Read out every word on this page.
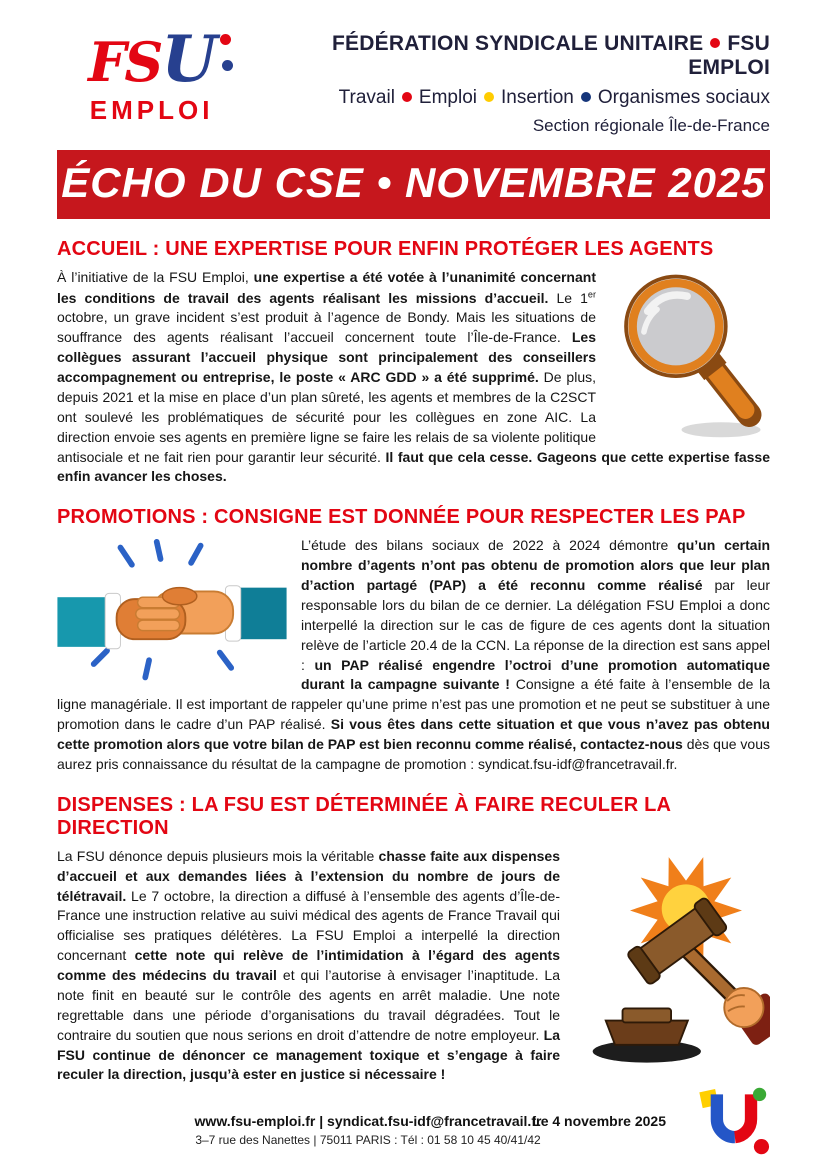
FSU
EMPLOI
FÉDÉRATION SYNDICALE UNITAIRE FSU EMPLOI
Travail Emploi Insertion Organismes sociaux
Section régionale Île-de-France
ÉCHO DU CSE • NOVEMBRE 2025
ACCUEIL : UNE EXPERTISE POUR ENFIN PROTÉGER LES AGENTS
À l’initiative de la FSU Emploi, une expertise a été votée à l’unanimité concernant les conditions de travail des agents réalisant les missions d’accueil. Le 1er octobre, un grave incident s’est produit à l’agence de Bondy. Mais les situations de souffrance des agents réalisant l’accueil concernent toute l’Île-de-France. Les collègues assurant l’accueil physique sont principalement des conseillers accompagnement ou entreprise, le poste « ARC GDD » a été supprimé. De plus, depuis 2021 et la mise en place d’un plan sûreté, les agents et membres de la C2SCT ont soulevé les problématiques de sécurité pour les collègues en zone AIC. La direction envoie ses agents en première ligne se faire les relais de sa violente politique antisociale et ne fait rien pour garantir leur sécurité. Il faut que cela cesse. Gageons que cette expertise fasse enfin avancer les choses.
PROMOTIONS : CONSIGNE EST DONNÉE POUR RESPECTER LES PAP
L’étude des bilans sociaux de 2022 à 2024 démontre qu’un certain nombre d’agents n’ont pas obtenu de promotion alors que leur plan d’action partagé (PAP) a été reconnu comme réalisé par leur responsable lors du bilan de ce dernier. La délégation FSU Emploi a donc interpellé la direction sur le cas de figure de ces agents dont la situation relève de l’article 20.4 de la CCN. La réponse de la direction est sans appel : un PAP réalisé engendre l’octroi d’une promotion automatique durant la campagne suivante ! Consigne a été faite à l’ensemble de la ligne managériale. Il est important de rappeler qu’une prime n’est pas une promotion et ne peut se substituer à une promotion dans le cadre d’un PAP réalisé. Si vous êtes dans cette situation et que vous n’avez pas obtenu cette promotion alors que votre bilan de PAP est bien reconnu comme réalisé, contactez-nous dès que vous aurez pris connaissance du résultat de la campagne de promotion : syndicat.fsu-idf@francetravail.fr.
DISPENSES : LA FSU EST DÉTERMINÉE À FAIRE RECULER LA DIRECTION
La FSU dénonce depuis plusieurs mois la véritable chasse faite aux dispenses d’accueil et aux demandes liées à l’extension du nombre de jours de télétravail. Le 7 octobre, la direction a diffusé à l’ensemble des agents d’Île-de-France une instruction relative au suivi médical des agents de France Travail qui officialise ses pratiques délétères. La FSU Emploi a interpellé la direction concernant cette note qui relève de l’intimidation à l’égard des agents comme des médecins du travail et qui l’autorise à envisager l’inaptitude. La note finit en beauté sur le contrôle des agents en arrêt maladie. Une note regrettable dans une période d’organisations du travail dégradées. Tout le contraire du soutien que nous serions en droit d’attendre de notre employeur. La FSU continue de dénoncer ce management toxique et s’engage à faire reculer la direction, jusqu’à ester en justice si nécessaire !
www.fsu-emploi.fr | syndicat.fsu-idf@francetravail.fr
3–7 rue des Nanettes | 75011 PARIS : Tél : 01 58 10 45 40/41/42
Le 4 novembre 2025
